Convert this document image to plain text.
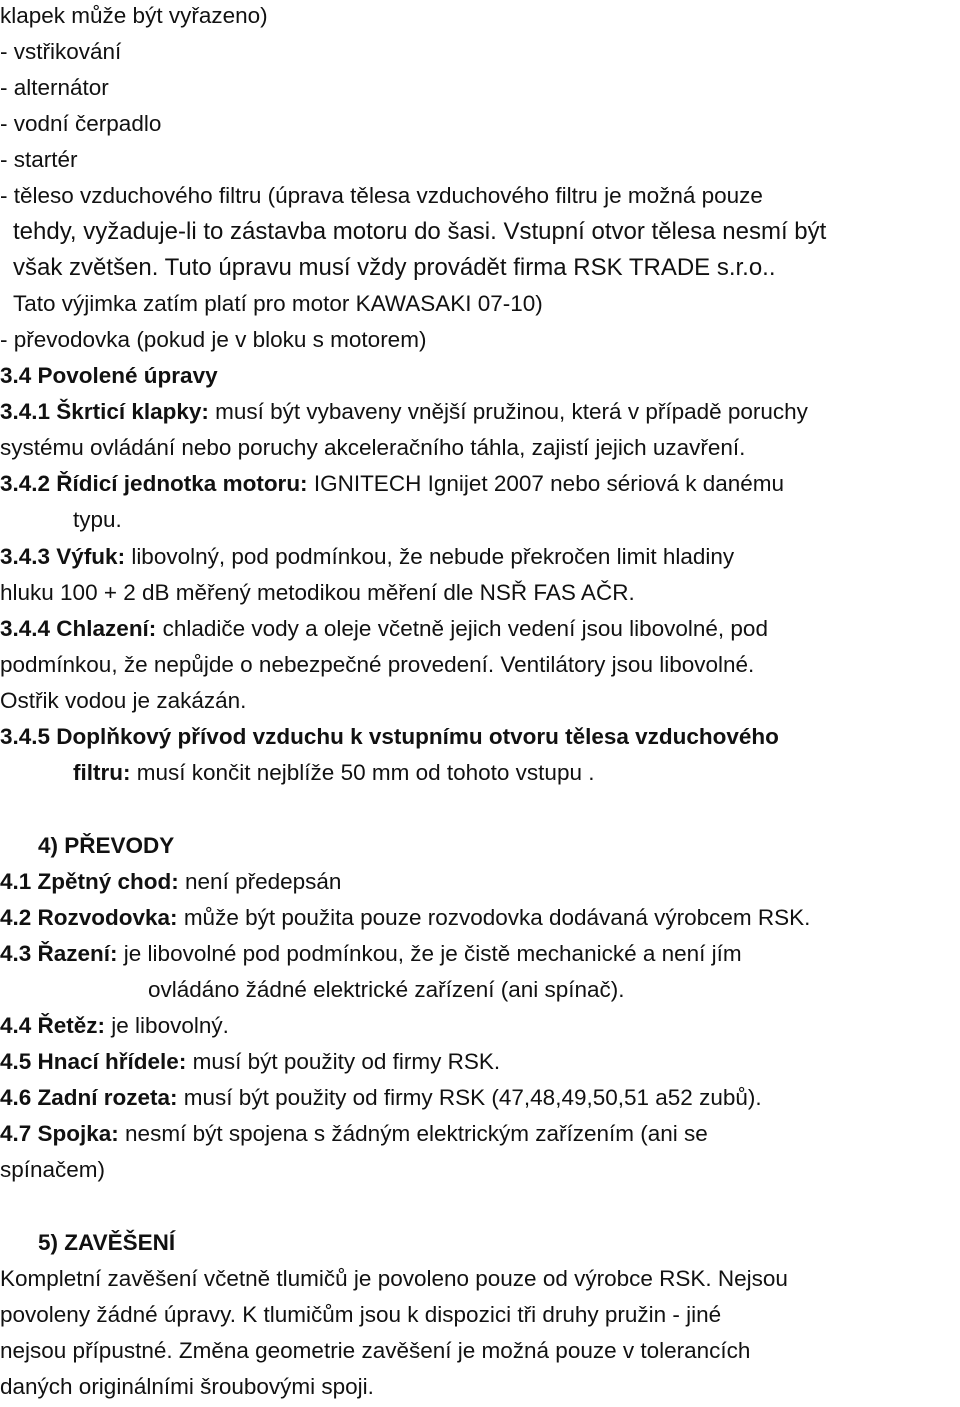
klapek může být vyřazeno)
- vstřikování
- alternátor
- vodní čerpadlo
- startér
- těleso vzduchového filtru (úprava tělesa vzduchového filtru je možná pouze
tehdy, vyžaduje-li to zástavba motoru do šasi. Vstupní otvor tělesa nesmí být
však zvětšen. Tuto úpravu musí vždy provádět firma RSK TRADE s.r.o..
Tato výjimka zatím platí pro motor KAWASAKI 07-10)
- převodovka (pokud je v bloku s motorem)
3.4 Povolené úpravy
3.4.1 Škrticí klapky: musí být vybaveny vnější pružinou, která v případě poruchy
systému ovládání nebo poruchy akceleračního táhla, zajistí jejich uzavření.
3.4.2 Řídicí jednotka motoru: IGNITECH Ignijet 2007 nebo sériová k danému
typu.
3.4.3 Výfuk: libovolný, pod podmínkou, že nebude překročen limit hladiny
hluku 100 + 2 dB měřený metodikou měření dle NSŘ FAS AČR.
3.4.4 Chlazení: chladiče vody a oleje včetně jejich vedení jsou libovolné, pod
podmínkou, že nepůjde o nebezpečné provedení. Ventilátory jsou libovolné.
Ostřik vodou je zakázán.
3.4.5 Doplňkový přívod vzduchu k vstupnímu otvoru tělesa vzduchového
filtru: musí končit nejblíže 50 mm od tohoto vstupu .
4) PŘEVODY
4.1 Zpětný chod: není předepsán
4.2 Rozvodovka: může být použita pouze rozvodovka dodávaná výrobcem RSK.
4.3 Řazení: je libovolné pod podmínkou, že je čistě mechanické a není jím
ovládáno žádné elektrické zařízení (ani spínač).
4.4 Řetěz: je libovolný.
4.5 Hnací hřídele: musí být použity od firmy RSK.
4.6 Zadní rozeta: musí být použity od firmy RSK (47,48,49,50,51 a52 zubů).
4.7 Spojka: nesmí být spojena s žádným elektrickým zařízením (ani se
spínačem)
5) ZAVĚŠENÍ
Kompletní zavěšení včetně tlumičů je povoleno pouze od výrobce RSK. Nejsou
povoleny žádné úpravy. K tlumičům jsou k dispozici tři druhy pružin - jiné
nejsou přípustné. Změna geometrie zavěšení je možná pouze v tolerancích
daných originálními šroubovými spoji.
